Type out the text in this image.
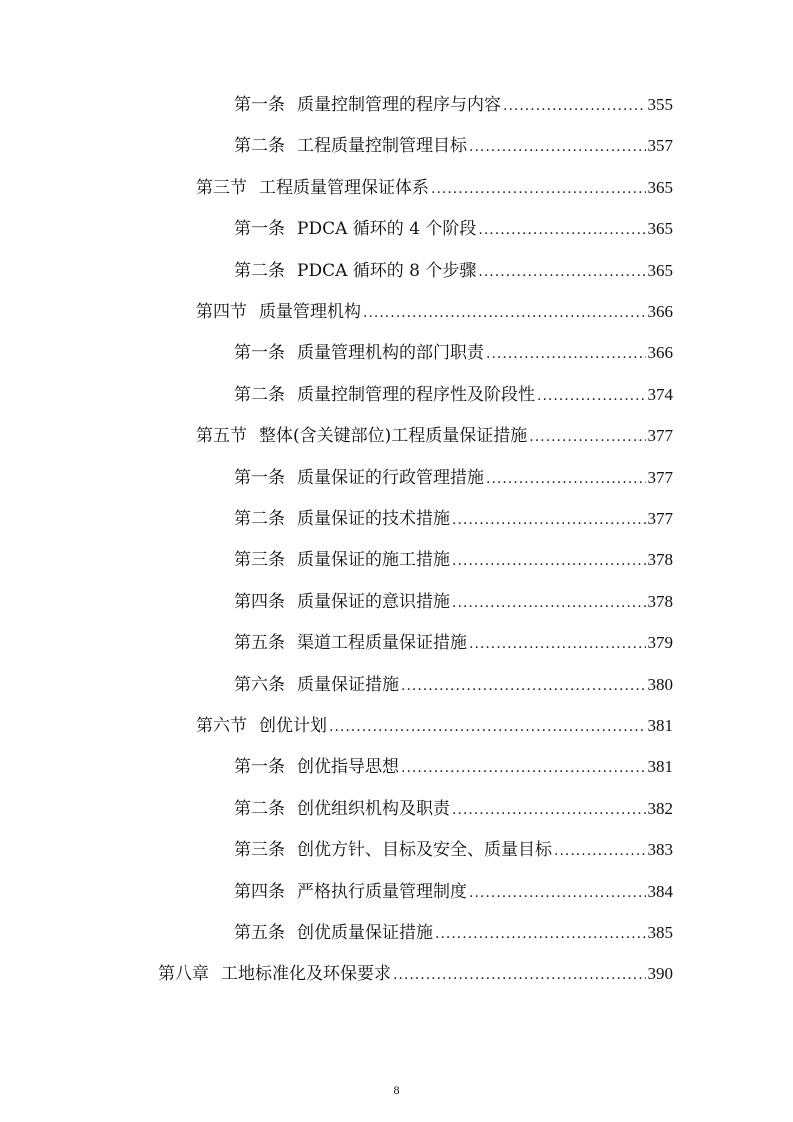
第一条 质量控制管理的程序与内容 .....	355
第二条 工程质量控制管理目标 .....	357
第三节 工程质量管理保证体系 .....	365
第一条 PDCA 循环的 4 个阶段 .....	365
第二条 PDCA 循环的 8 个步骤 .....	365
第四节 质量管理机构 .....	366
第一条 质量管理机构的部门职责 .....	366
第二条 质量控制管理的程序性及阶段性 .....	374
第五节 整体(含关键部位)工程质量保证措施 .....	377
第一条 质量保证的行政管理措施 .....	377
第二条 质量保证的技术措施 .....	377
第三条 质量保证的施工措施 .....	378
第四条 质量保证的意识措施 .....	378
第五条 渠道工程质量保证措施 .....	379
第六条 质量保证措施 .....	380
第六节 创优计划 .....	381
第一条 创优指导思想 .....	381
第二条 创优组织机构及职责 .....	382
第三条 创优方针、目标及安全、质量目标 .....	383
第四条 严格执行质量管理制度 .....	384
第五条 创优质量保证措施 .....	385
第八章 工地标准化及环保要求 .....	390
8
